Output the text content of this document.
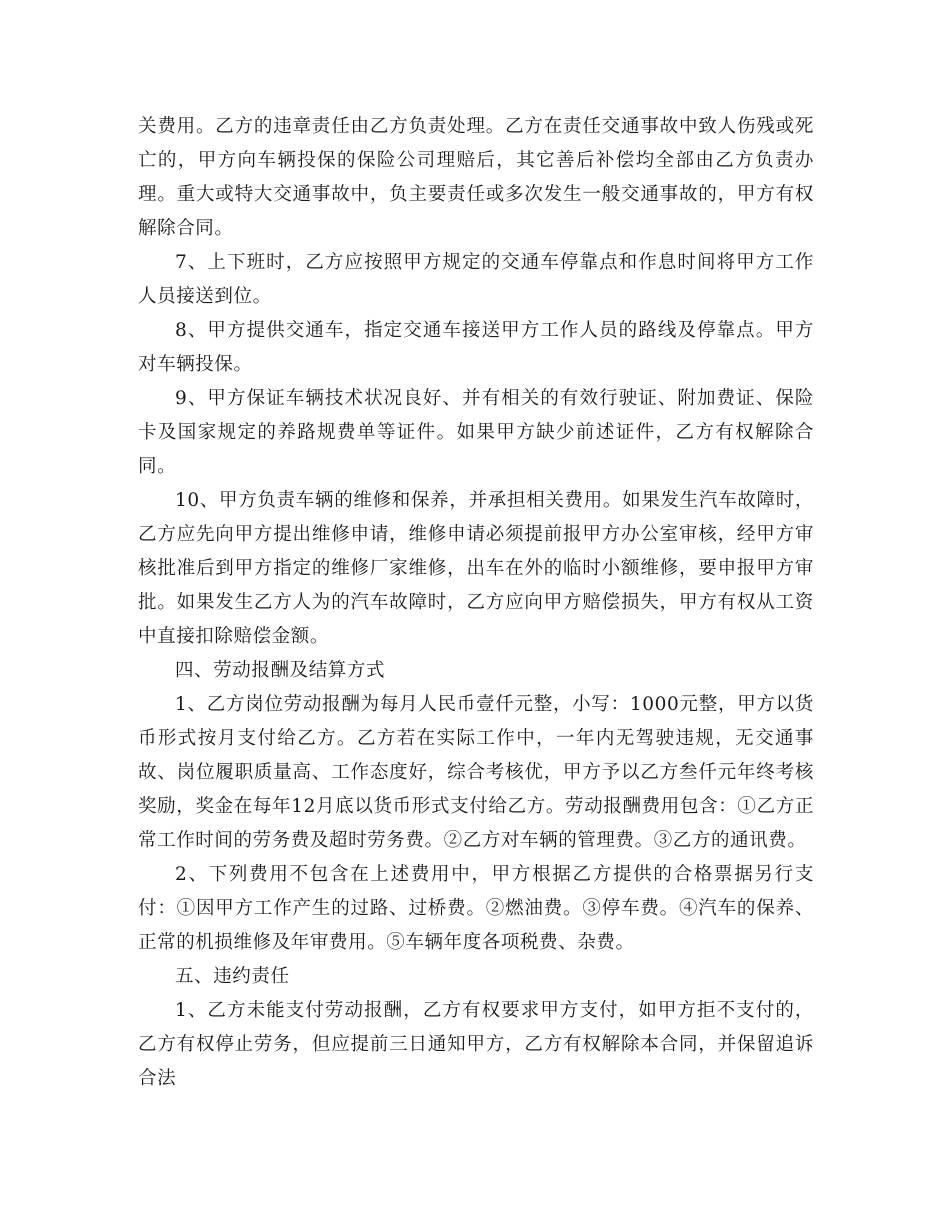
关费用。乙方的违章责任由乙方负责处理。乙方在责任交通事故中致人伤残或死亡的，甲方向车辆投保的保险公司理赔后，其它善后补偿均全部由乙方负责办理。重大或特大交通事故中，负主要责任或多次发生一般交通事故的，甲方有权解除合同。

7、上下班时，乙方应按照甲方规定的交通车停靠点和作息时间将甲方工作人员接送到位。

8、甲方提供交通车，指定交通车接送甲方工作人员的路线及停靠点。甲方对车辆投保。

9、甲方保证车辆技术状况良好、并有相关的有效行驶证、附加费证、保险卡及国家规定的养路规费单等证件。如果甲方缺少前述证件，乙方有权解除合同。

10、甲方负责车辆的维修和保养，并承担相关费用。如果发生汽车故障时，乙方应先向甲方提出维修申请，维修申请必须提前报甲方办公室审核，经甲方审核批准后到甲方指定的维修厂家维修，出车在外的临时小额维修，要申报甲方审批。如果发生乙方人为的汽车故障时，乙方应向甲方赔偿损失，甲方有权从工资中直接扣除赔偿金额。

四、劳动报酬及结算方式

1、乙方岗位劳动报酬为每月人民币壹仟元整，小写：1000元整，甲方以货币形式按月支付给乙方。乙方若在实际工作中，一年内无驾驶违规，无交通事故、岗位履职质量高、工作态度好，综合考核优，甲方予以乙方叁仟元年终考核奖励，奖金在每年12月底以货币形式支付给乙方。劳动报酬费用包含：①乙方正常工作时间的劳务费及超时劳务费。②乙方对车辆的管理费。③乙方的通讯费。

2、下列费用不包含在上述费用中，甲方根据乙方提供的合格票据另行支付：①因甲方工作产生的过路、过桥费。②燃油费。③停车费。④汽车的保养、正常的机损维修及年审费用。⑤车辆年度各项税费、杂费。

五、违约责任

1、乙方未能支付劳动报酬，乙方有权要求甲方支付，如甲方拒不支付的，乙方有权停止劳务，但应提前三日通知甲方，乙方有权解除本合同，并保留追诉合法
